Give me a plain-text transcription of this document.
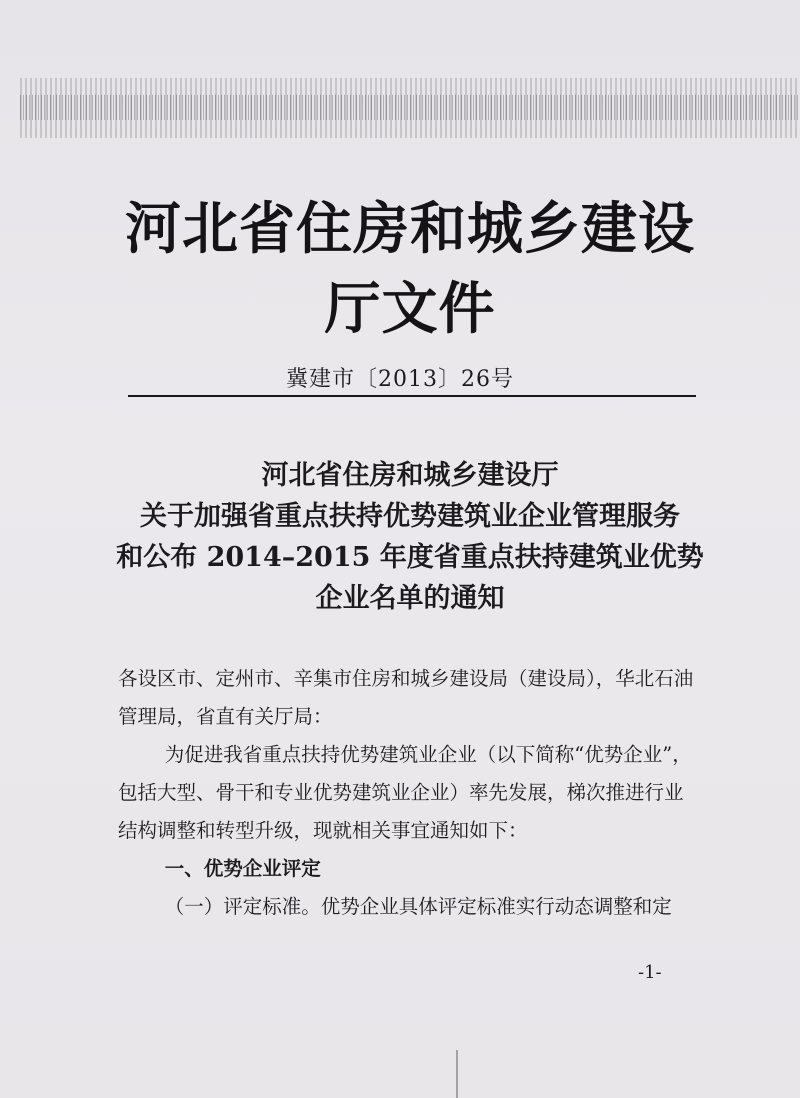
河北省住房和城乡建设厅文件
冀建市〔2013〕26号
河北省住房和城乡建设厅
关于加强省重点扶持优势建筑业企业管理服务
和公布 2014–2015 年度省重点扶持建筑业优势
企业名单的通知

各设区市、定州市、辛集市住房和城乡建设局（建设局），华北石油管理局，省直有关厅局：

为促进我省重点扶持优势建筑业企业（以下简称“优势企业”，包括大型、骨干和专业优势建筑业企业）率先发展，梯次推进行业结构调整和转型升级，现就相关事宜通知如下：

一、优势企业评定

（一）评定标准。优势企业具体评定标准实行动态调整和定

-1-
